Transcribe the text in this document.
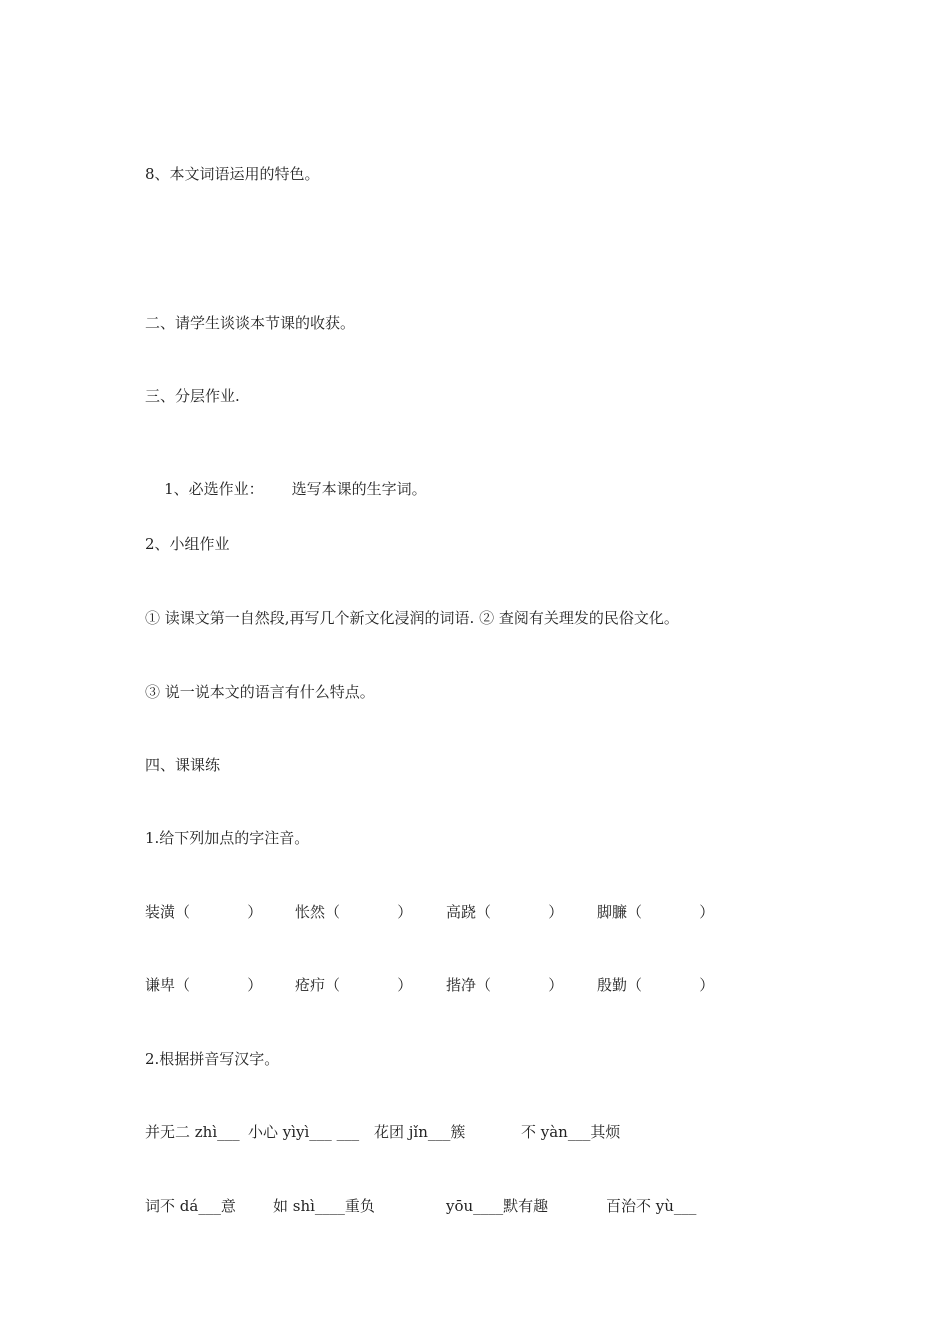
8、本文词语运用的特色。
二、请学生谈谈本节课的收获。
三、分层作业.

1、必选作业： 选写本课的生字词。

2、小组作业
① 读课文第一自然段,再写几个新文化浸润的词语. ② 查阅有关理发的民俗文化。
③ 说一说本文的语言有什么特点。
四、课课练
1.给下列加点的字注音。
装潢（            ） 怅然（            ） 高跷（            ） 脚臁（            ）
谦卑（            ） 疮疖（            ） 揩净（            ） 殷勤（            ）
2.根据拼音写汉字。
并无二 zhì___ 小心 yìyì___ ___ 花团 jǐn___簇	不 yàn___其烦
词不 dá___意 如 shì____重负	yōu____默有趣	百治不 yù___
